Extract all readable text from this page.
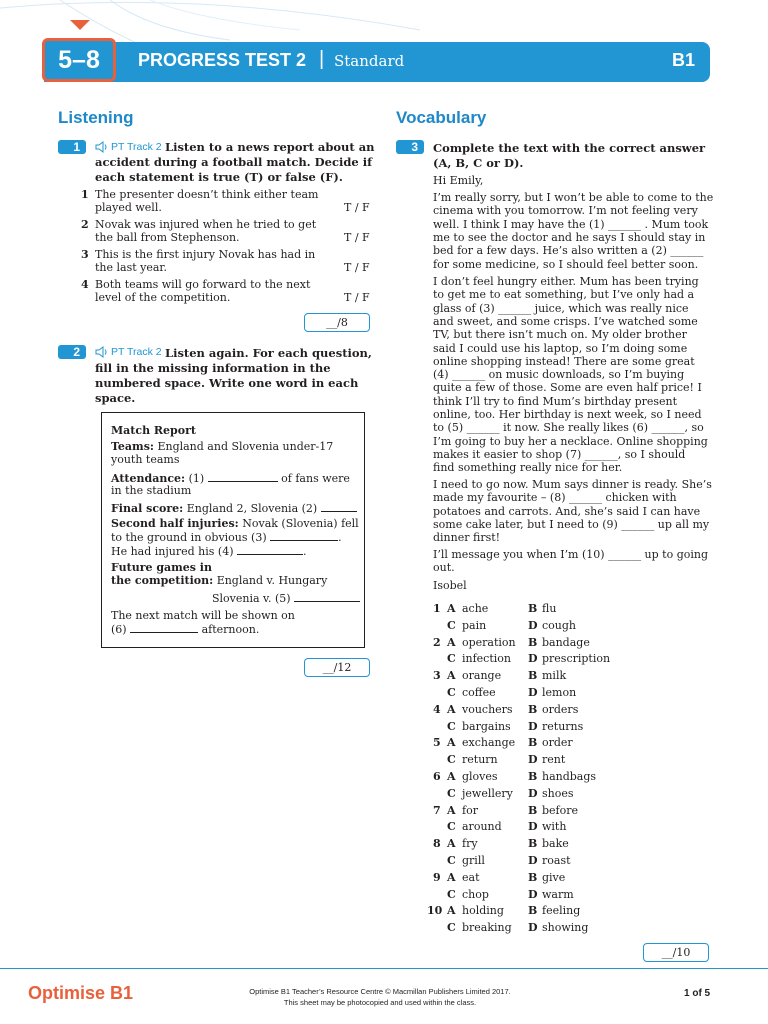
5–8	PROGRESS TEST 2 | Standard	B1
Listening
1	PT Track 2 Listen to a news report about an
accident during a football match. Decide if
each statement is true (T) or false (F).
1 The presenter doesn’t think either team
played well.	T / F
2 Novak was injured when he tried to get
the ball from Stephenson.	T / F
3 This is the first injury Novak has had in
the last year.	T / F
4 Both teams will go forward to the next
level of the competition.	T / F
__/8
2	PT Track 2 Listen again. For each question,
fill in the missing information in the
numbered space. Write one word in each
space.
Match Report
Teams: England and Slovenia under-17
youth teams
Attendance: (1)	of fans were
in the stadium
Final score: England 2, Slovenia (2)
Second half injuries: Novak (Slovenia) fell
to the ground in obvious (3)	.
He had injured his (4)	.
Future games in
the competition: England v. Hungary
Slovenia v. (5)
The next match will be shown on
(6)	afternoon.
__/12
Vocabulary
3	Complete the text with the correct answer
(A, B, C or D).
Hi Emily,
I’m really sorry, but I won’t be able to come to the
cinema with you tomorrow. I’m not feeling very
well. I think I may have the (1) ______ . Mum took
me to see the doctor and he says I should stay in
bed for a few days. He’s also written a (2) ______
for some medicine, so I should feel better soon.
I don’t feel hungry either. Mum has been trying
to get me to eat something, but I’ve only had a
glass of (3) ______ juice, which was really nice
and sweet, and some crisps. I’ve watched some
TV, but there isn’t much on. My older brother
said I could use his laptop, so I’m doing some
online shopping instead! There are some great
(4) ______ on music downloads, so I’m buying
quite a few of those. Some are even half price! I
think I’ll try to find Mum’s birthday present
online, too. Her birthday is next week, so I need
to (5) ______ it now. She really likes (6) ______, so
I’m going to buy her a necklace. Online shopping
makes it easier to shop (7) ______, so I should
find something really nice for her.
I need to go now. Mum says dinner is ready. She’s
made my favourite – (8) ______ chicken with
potatoes and carrots. And, she’s said I can have
some cake later, but I need to (9) ______ up all my
dinner first!
I’ll message you when I’m (10) ______ up to going
out.
Isobel
1 A ache	B flu
C pain	D cough
2 A operation B bandage
C infection D prescription
3 A orange B milk
C coffee	D lemon
4 A vouchers B orders
C bargains D returns
5 A exchange B order
C return	D rent
6 A gloves	B handbags
C jewellery D shoes
7 A for	B before
C around D with
8 A fry	B bake
C grill	D roast
9 A eat	B give
C chop	D warm
10 A holding B feeling
C breaking D showing
__/10
Optimise B1	Optimise B1 Teacher’s Resource Centre © Macmillan Publishers Limited 2017.
This sheet may be photocopied and used within the class.
1 of 5
